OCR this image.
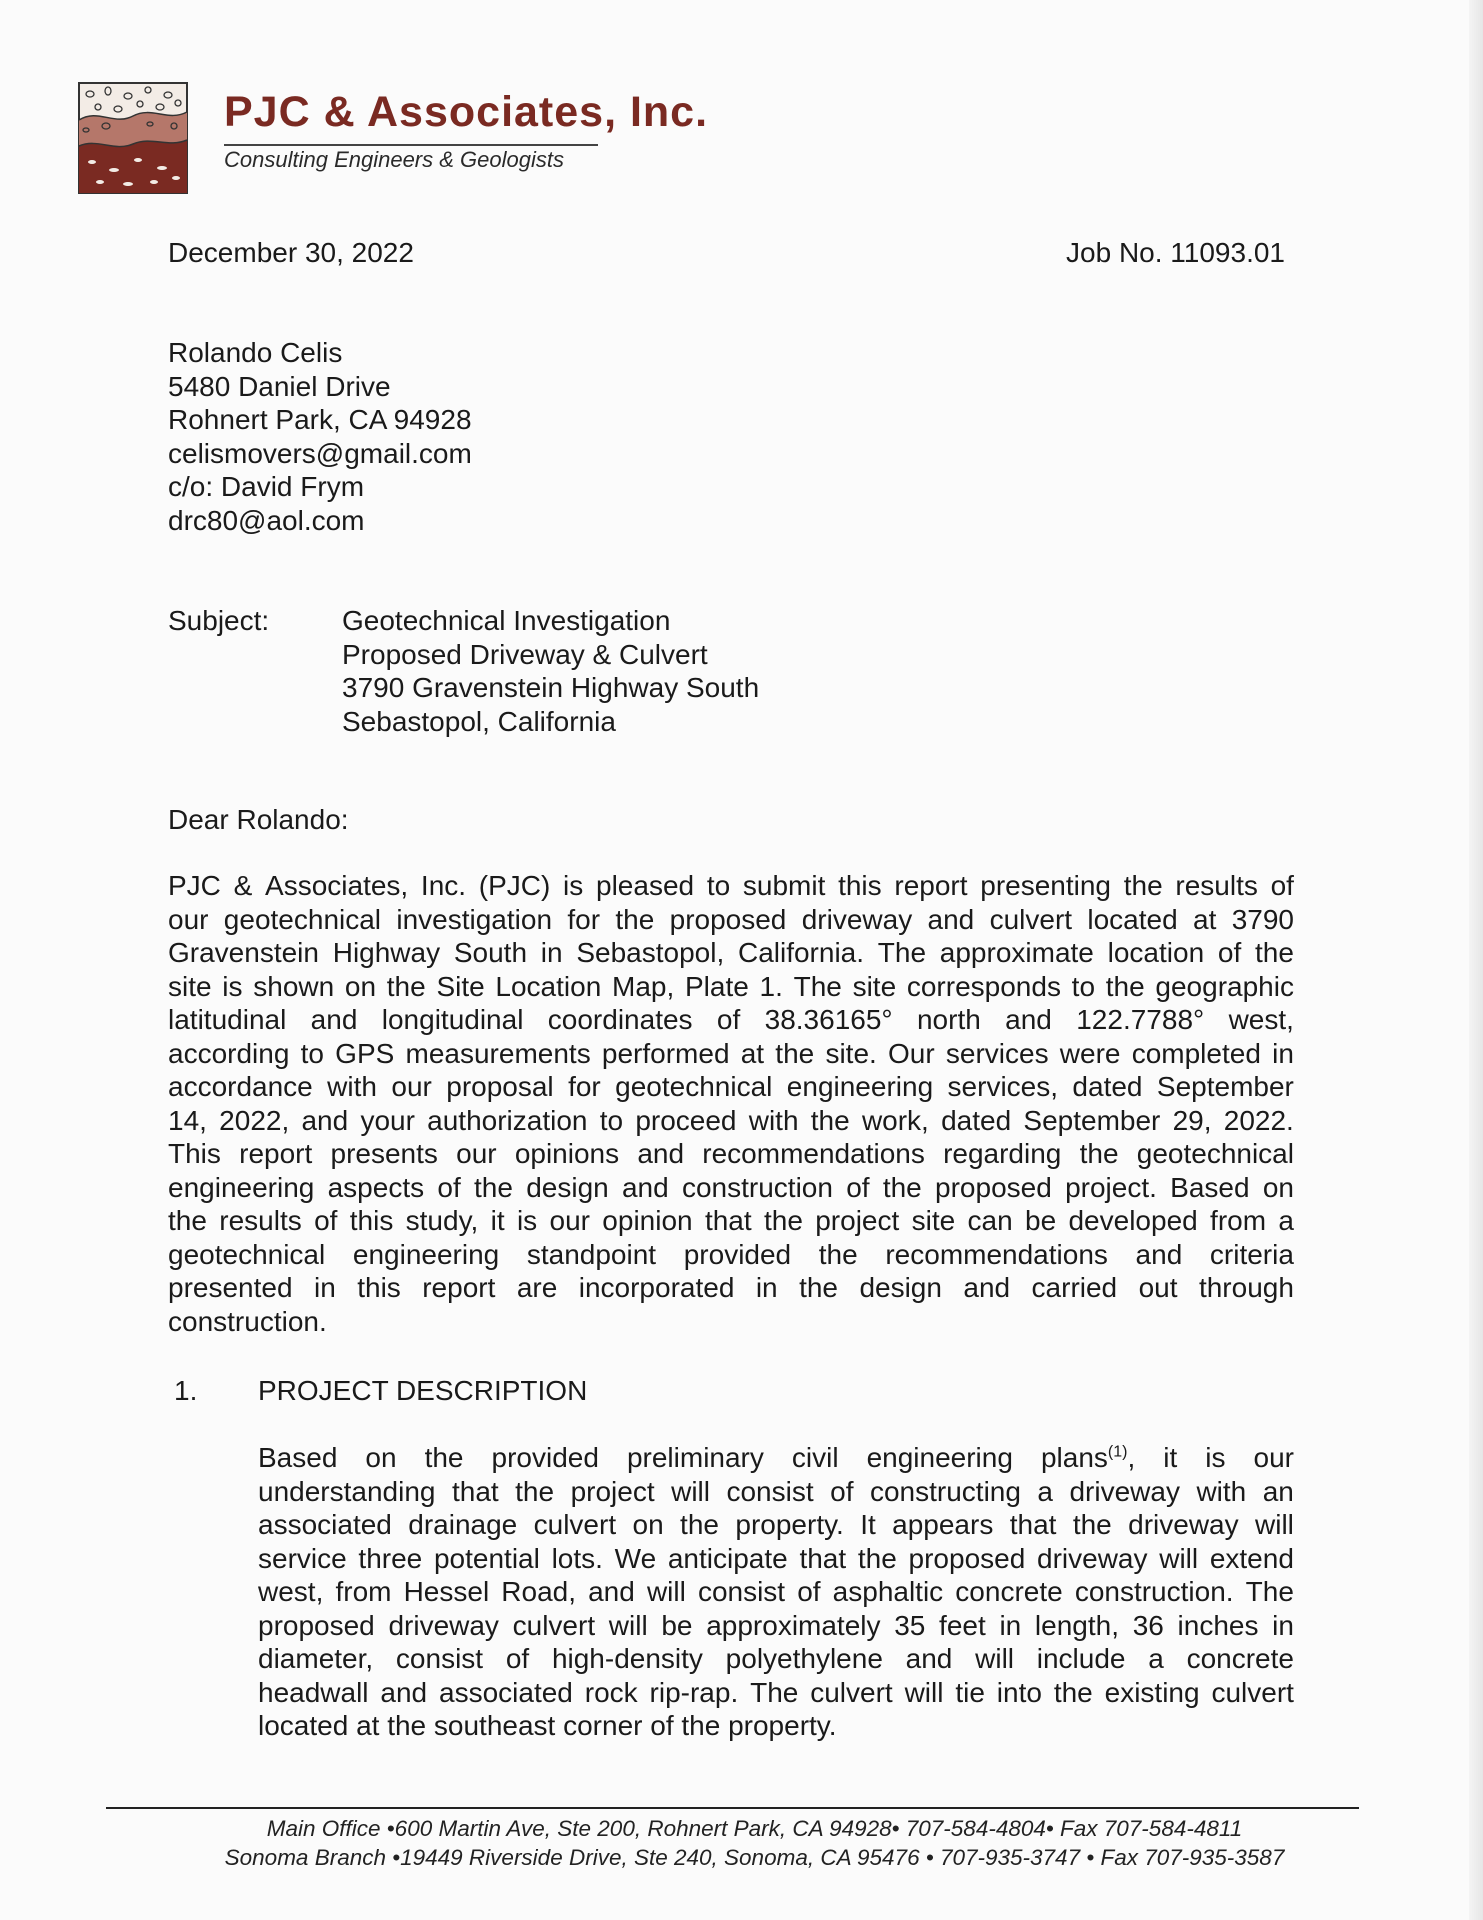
PJC & Associates, Inc.
Consulting Engineers & Geologists
December 30, 2022	Job No. 11093.01
Rolando Celis
5480 Daniel Drive
Rohnert Park, CA 94928
celismovers@gmail.com
c/o: David Frym
drc80@aol.com
Subject:	Geotechnical Investigation
Proposed Driveway & Culvert
3790 Gravenstein Highway South
Sebastopol, California
Dear Rolando:
PJC & Associates, Inc. (PJC) is pleased to submit this report presenting the results of
our geotechnical investigation for the proposed driveway and culvert located at 3790
Gravenstein Highway South in Sebastopol, California. The approximate location of the
site is shown on the Site Location Map, Plate 1. The site corresponds to the geographic
latitudinal and longitudinal coordinates of 38.36165° north and 122.7788° west,
according to GPS measurements performed at the site. Our services were completed in
accordance with our proposal for geotechnical engineering services, dated September
14, 2022, and your authorization to proceed with the work, dated September 29, 2022.
This report presents our opinions and recommendations regarding the geotechnical
engineering aspects of the design and construction of the proposed project. Based on
the results of this study, it is our opinion that the project site can be developed from a
geotechnical engineering standpoint provided the recommendations and criteria
presented in this report are incorporated in the design and carried out through
construction.
1. PROJECT DESCRIPTION
Based on the provided preliminary civil engineering plans$^{(1)}$, it is our
understanding that the project will consist of constructing a driveway with an
associated drainage culvert on the property. It appears that the driveway will
service three potential lots. We anticipate that the proposed driveway will extend
west, from Hessel Road, and will consist of asphaltic concrete construction. The
proposed driveway culvert will be approximately 35 feet in length, 36 inches in
diameter, consist of high-density polyethylene and will include a concrete
headwall and associated rock rip-rap. The culvert will tie into the existing culvert
located at the southeast corner of the property.
Main Office •600 Martin Ave, Ste 200, Rohnert Park, CA 94928• 707-584-4804• Fax 707-584-4811
Sonoma Branch •19449 Riverside Drive, Ste 240, Sonoma, CA 95476 • 707-935-3747 • Fax 707-935-3587
